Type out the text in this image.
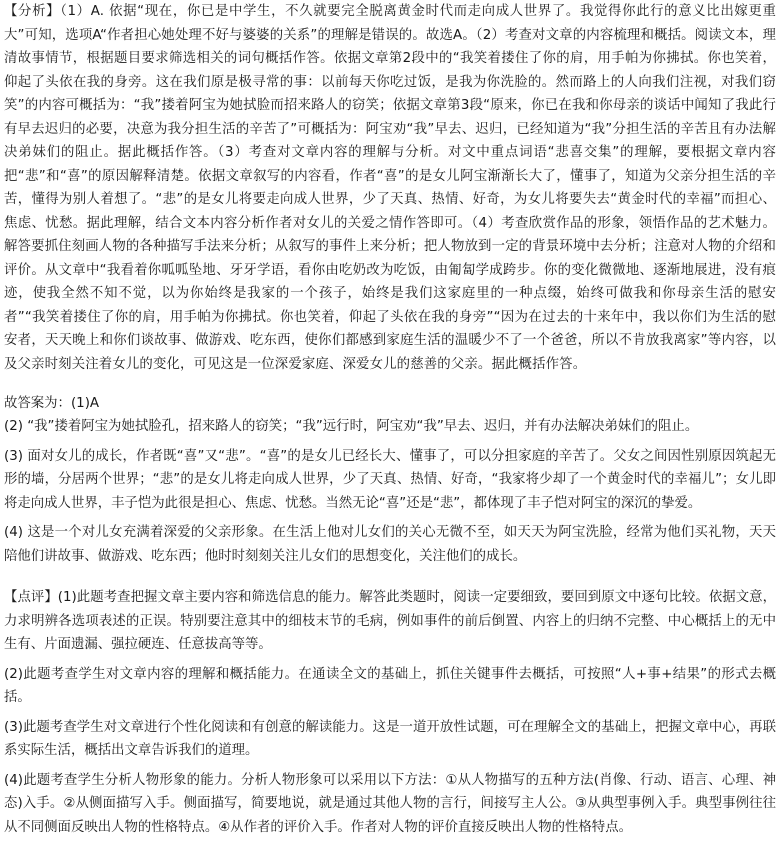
【分析】（1）A. 依据“现在，你已是中学生，不久就要完全脱离黄金时代而走向成人世界了。我觉得你此行的意义比出嫁更重大”可知，选项A“作者担心她处理不好与婆婆的关系”的理解是错误的。故选A。（2）考查对文章的内容梳理和概括。阅读文本，理清故事情节，根据题目要求筛选相关的词句概括作答。依据文章第2段中的“我笑着搂住了你的肩，用手帕为你拂拭。你也笑着，仰起了头依在我的身旁。这在我们原是极寻常的事：以前每天你吃过饭，是我为你洗脸的。然而路上的人向我们注视，对我们窃笑”的内容可概括为：“我”搂着阿宝为她拭脸而招来路人的窃笑；依据文章第3段“原来，你已在我和你母亲的谈话中闻知了我此行有早去迟归的必要，决意为我分担生活的辛苦了”可概括为：阿宝劝“我”早去、迟归，已经知道为“我”分担生活的辛苦且有办法解决弟妹们的阻止。据此概括作答。（3）考查对文章内容的理解与分析。对文中重点词语“悲喜交集”的理解，要根据文章内容把“悲”和“喜”的原因解释清楚。依据文章叙写的内容看，作者“喜”的是女儿阿宝渐渐长大了，懂事了，知道为父亲分担生活的辛苦，懂得为别人着想了。“悲”的是女儿将要走向成人世界，少了天真、热情、好奇，为女儿将要失去“黄金时代的幸福”而担心、焦虑、忧愁。据此理解，结合文本内容分析作者对女儿的关爱之情作答即可。（4）考查欣赏作品的形象，领悟作品的艺术魅力。解答要抓住刻画人物的各种描写手法来分析；从叙写的事件上来分析；把人物放到一定的背景环境中去分析；注意对人物的介绍和评价。从文章中“我看着你呱呱坠地、牙牙学语，看你由吃奶改为吃饭，由匍匐学成跨步。你的变化微微地、逐渐地展进，没有痕迹，使我全然不知不觉，以为你始终是我家的一个孩子，始终是我们这家庭里的一种点缀，始终可做我和你母亲生活的慰安者”“我笑着搂住了你的肩，用手帕为你拂拭。你也笑着，仰起了头依在我的身旁”“因为在过去的十来年中，我以你们为生活的慰安者，天天晚上和你们谈故事、做游戏、吃东西，使你们都感到家庭生活的温暖少不了一个爸爸，所以不肯放我离家”等内容，以及父亲时刻关注着女儿的变化，可见这是一位深爱家庭、深爱女儿的慈善的父亲。据此概括作答。

故答案为：(1)A

(2) “我”搂着阿宝为她拭脸孔，招来路人的窃笑；“我”远行时，阿宝劝“我”早去、迟归，并有办法解决弟妹们的阻止。

(3) 面对女儿的成长，作者既“喜”又“悲”。“喜”的是女儿已经长大、懂事了，可以分担家庭的辛苦了。父女之间因性别原因筑起无形的墙，分居两个世界；“悲”的是女儿将走向成人世界，少了天真、热情、好奇，“我家将少却了一个黄金时代的幸福儿”；女儿即将走向成人世界，丰子恺为此很是担心、焦虑、忧愁。当然无论“喜”还是“悲”，都体现了丰子恺对阿宝的深沉的挚爱。

(4) 这是一个对儿女充满着深爱的父亲形象。在生活上他对儿女们的关心无微不至，如天天为阿宝洗脸，经常为他们买礼物，天天陪他们讲故事、做游戏、吃东西；他时时刻刻关注儿女们的思想变化，关注他们的成长。

【点评】(1)此题考查把握文章主要内容和筛选信息的能力。解答此类题时，阅读一定要细致，要回到原文中逐句比较。依据文意，力求明辨各选项表述的正误。特别要注意其中的细枝末节的毛病，例如事件的前后倒置、内容上的归纳不完整、中心概括上的无中生有、片面遗漏、强拉硬连、任意拔高等等。

(2)此题考查学生对文章内容的理解和概括能力。在通读全文的基础上，抓住关键事件去概括，可按照“人+事+结果”的形式去概括。

(3)此题考查学生对文章进行个性化阅读和有创意的解读能力。这是一道开放性试题，可在理解全文的基础上，把握文章中心，再联系实际生活，概括出文章告诉我们的道理。

(4)此题考查学生分析人物形象的能力。分析人物形象可以采用以下方法：①从人物描写的五种方法(肖像、行动、语言、心理、神态)入手。②从侧面描写入手。侧面描写，简要地说，就是通过其他人物的言行，间接写主人公。③从典型事例入手。典型事例往往从不同侧面反映出人物的性格特点。④从作者的评价入手。作者对人物的评价直接反映出人物的性格特点。
